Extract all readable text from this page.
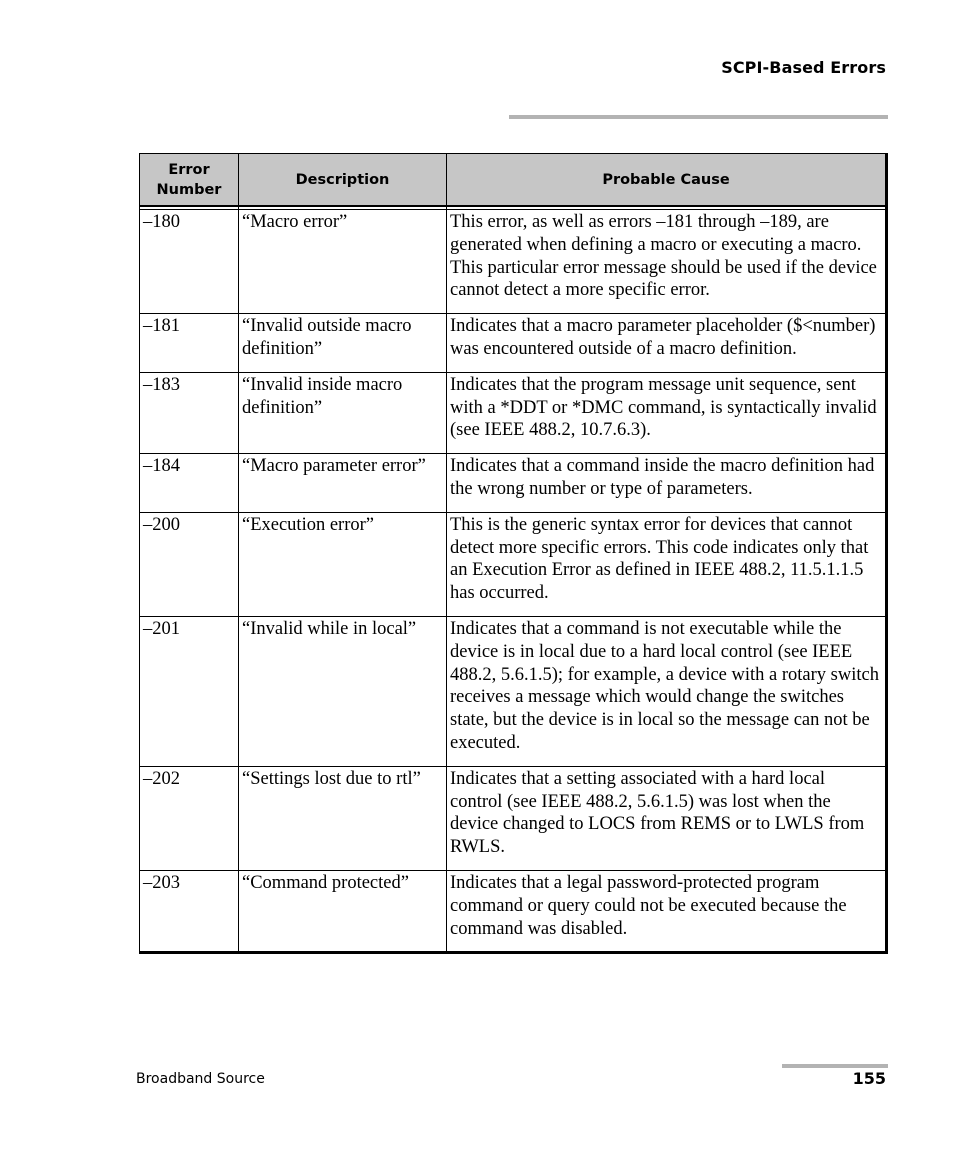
SCPI-Based Errors
Error
Number	Description	Probable Cause

–180	“Macro error”	This error, as well as errors –181 through –189, are generated when defining a macro or executing a macro. This particular error message should be used if the device cannot detect a more specific error.
–181	“Invalid outside macro definition”	Indicates that a macro parameter placeholder ($<number) was encountered outside of a macro definition.
–183	“Invalid inside macro definition”	Indicates that the program message unit sequence, sent with a *DDT or *DMC command, is syntactically invalid (see IEEE 488.2, 10.7.6.3).
–184	“Macro parameter error”	Indicates that a command inside the macro definition had the wrong number or type of parameters.
–200	“Execution error”	This is the generic syntax error for devices that cannot detect more specific errors. This code indicates only that an Execution Error as defined in IEEE 488.2, 11.5.1.1.5 has occurred.
–201	“Invalid while in local”	Indicates that a command is not executable while the device is in local due to a hard local control (see IEEE 488.2, 5.6.1.5); for example, a device with a rotary switch receives a message which would change the switches state, but the device is in local so the message can not be executed.
–202	“Settings lost due to rtl”	Indicates that a setting associated with a hard local control (see IEEE 488.2, 5.6.1.5) was lost when the device changed to LOCS from REMS or to LWLS from RWLS.
–203	“Command protected”	Indicates that a legal password-protected program command or query could not be executed because the command was disabled.
Broadband Source	155
